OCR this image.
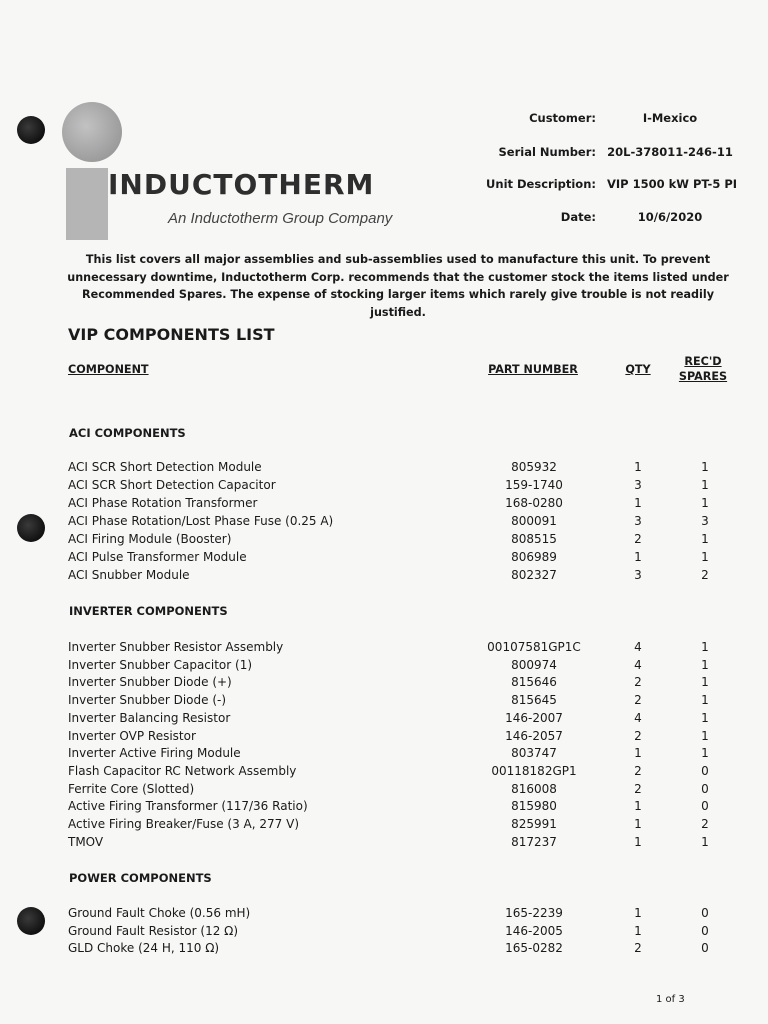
INDUCTOTHERM
An Inductotherm Group Company
Customer:	I-Mexico
Serial Number: 20L-378011-246-11
Unit Description: VIP 1500 kW PT-5 PI
Date:	10/6/2020
This list covers all major assemblies and sub-assemblies used to manufacture this unit. To prevent
unnecessary downtime, Inductotherm Corp. recommends that the customer stock the items listed under
Recommended Spares. The expense of stocking larger items which rarely give trouble is not readily justified.
VIP COMPONENTS LIST
COMPONENT	PART NUMBER	QTY
REC'D
SPARES
ACI COMPONENTS
ACI SCR Short Detection Module	805932	1	1
ACI SCR Short Detection Capacitor	159-1740	3	1
ACI Phase Rotation Transformer	168-0280	1	1
ACI Phase Rotation/Lost Phase Fuse (0.25 A)	800091	3	3
ACI Firing Module (Booster)	808515	2	1
ACI Pulse Transformer Module	806989	1	1
ACI Snubber Module	802327	3	2
INVERTER COMPONENTS
Inverter Snubber Resistor Assembly	00107581GP1C	4	1
Inverter Snubber Capacitor (1)	800974	4	1
Inverter Snubber Diode (+)	815646	2	1
Inverter Snubber Diode (-)	815645	2	1
Inverter Balancing Resistor	146-2007	4	1
Inverter OVP Resistor	146-2057	2	1
Inverter Active Firing Module	803747	1	1
Flash Capacitor RC Network Assembly	00118182GP1	2	0
Ferrite Core (Slotted)	816008	2	0
Active Firing Transformer (117/36 Ratio)	815980	1	0
Active Firing Breaker/Fuse (3 A, 277 V)	825991	1	2
TMOV	817237	1	1
POWER COMPONENTS
Ground Fault Choke (0.56 mH)	165-2239	1	0
Ground Fault Resistor (12 Ω)	146-2005	1	0
GLD Choke (24 H, 110 Ω)	165-0282	2	0
1 of 3
